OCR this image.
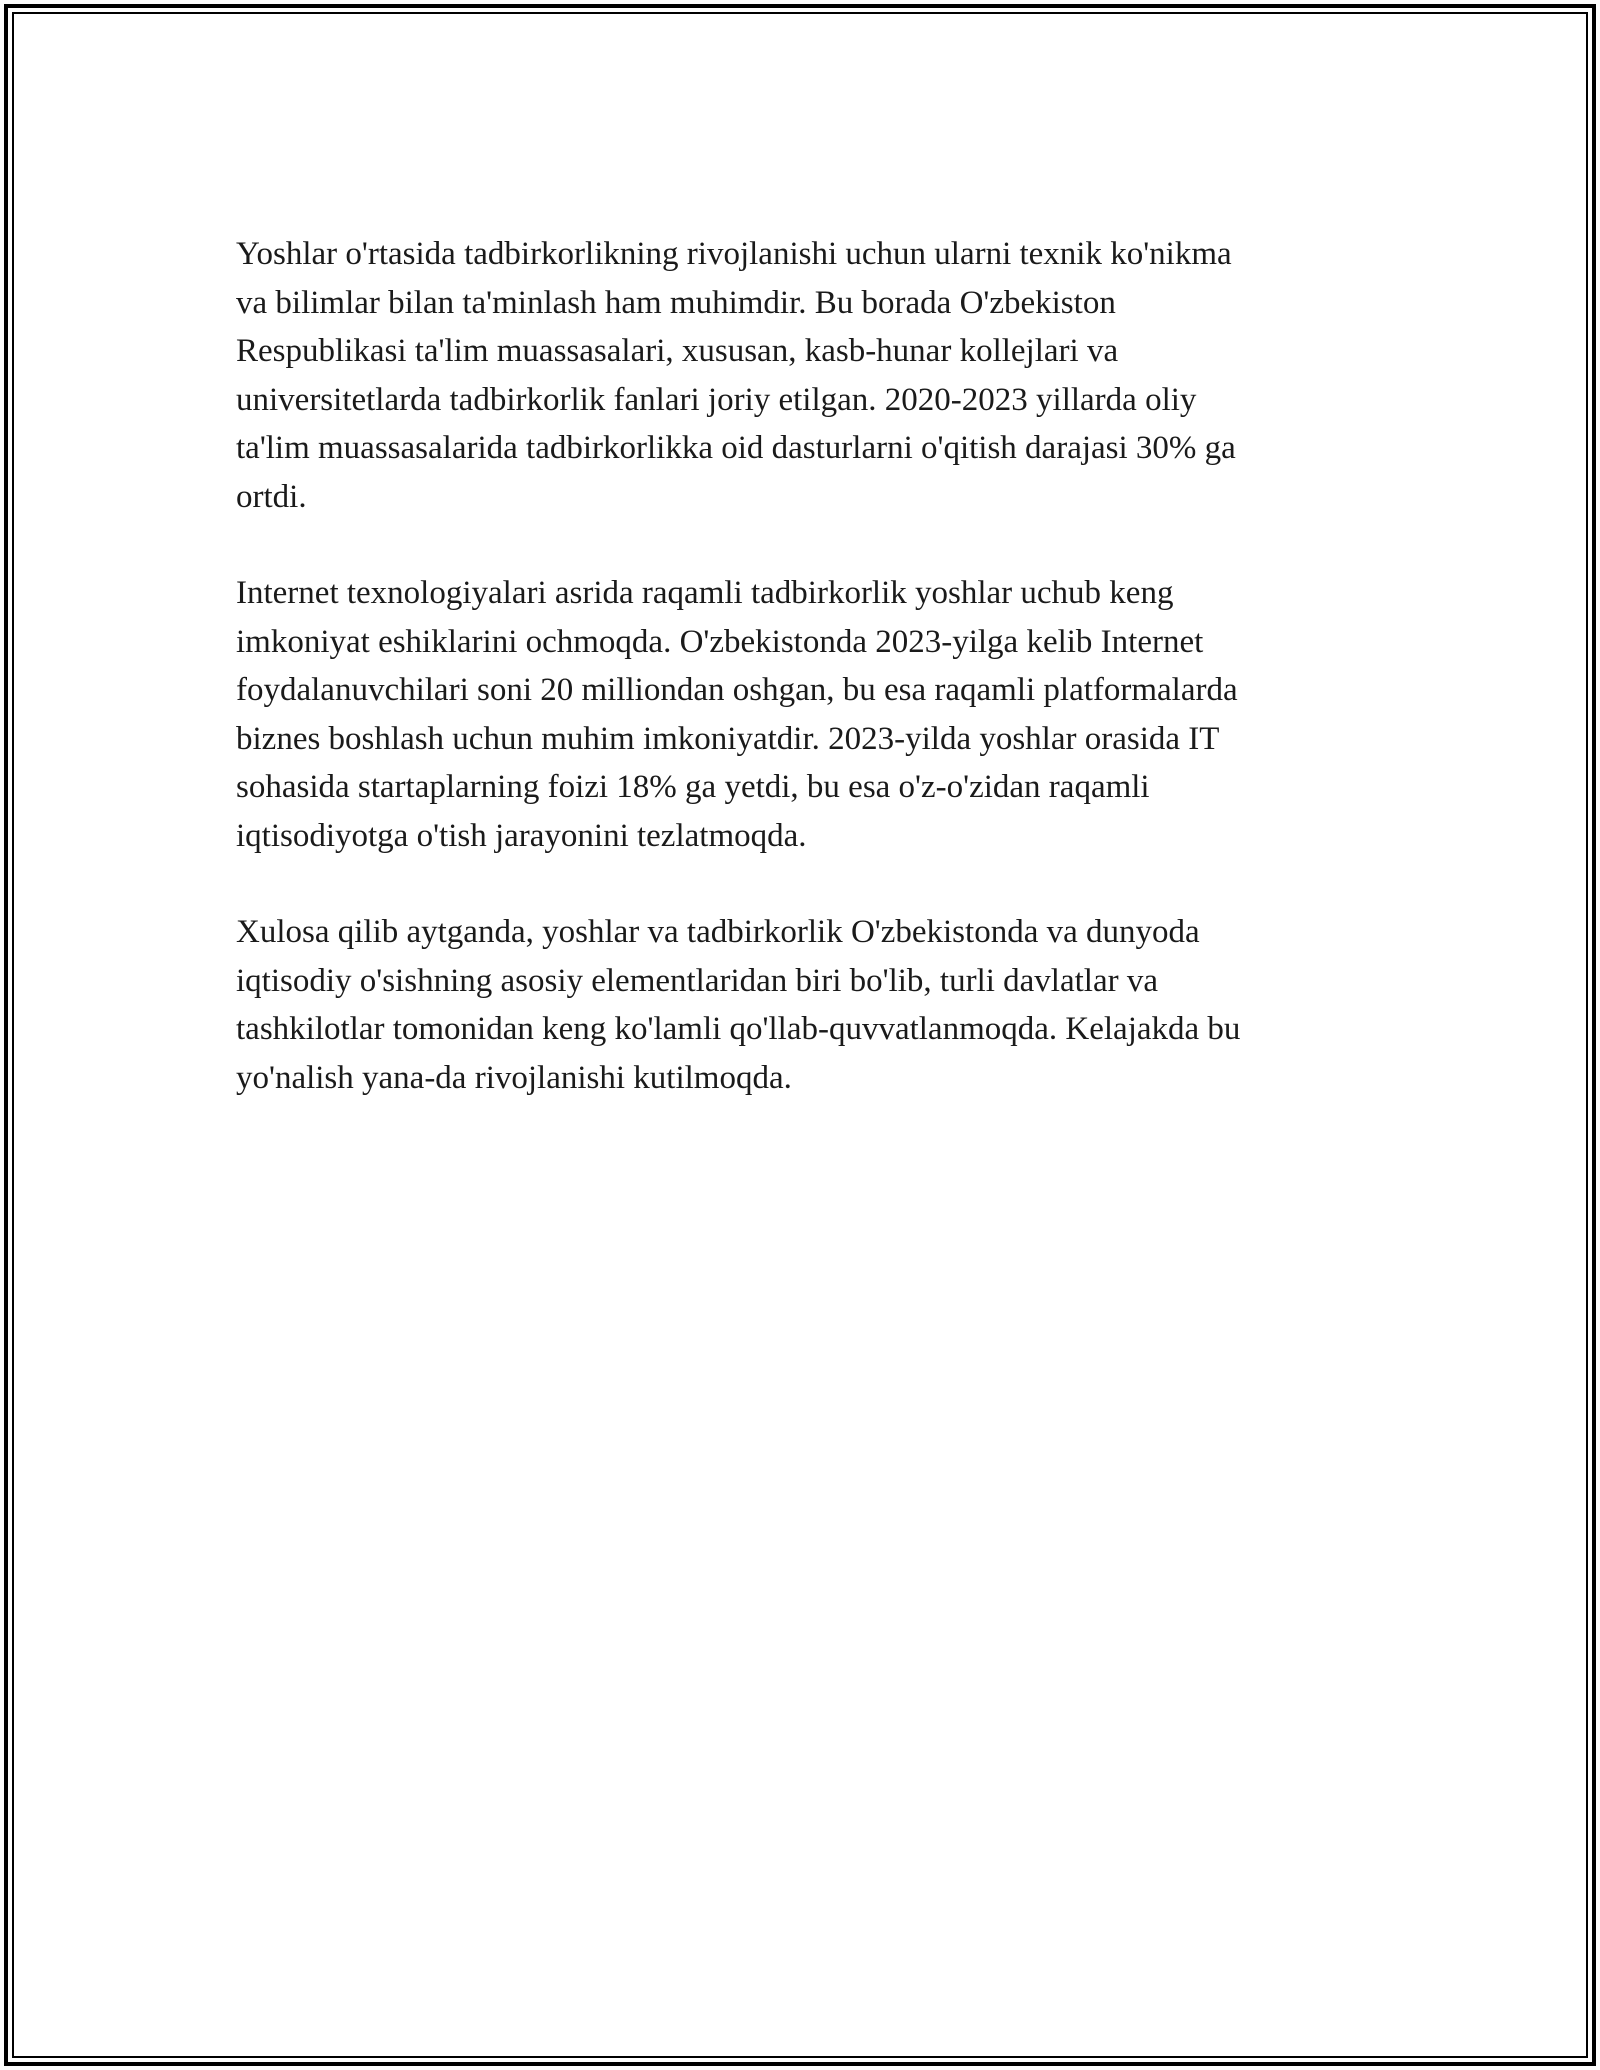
Yoshlar o'rtasida tadbirkorlikning rivojlanishi uchun ularni texnik ko'nikma
va bilimlar bilan ta'minlash ham muhimdir. Bu borada O'zbekiston
Respublikasi ta'lim muassasalari, xususan, kasb-hunar kollejlari va
universitetlarda tadbirkorlik fanlari joriy etilgan. 2020-2023 yillarda oliy
ta'lim muassasalarida tadbirkorlikka oid dasturlarni o'qitish darajasi 30% ga
ortdi.

Internet texnologiyalari asrida raqamli tadbirkorlik yoshlar uchub keng
imkoniyat eshiklarini ochmoqda. O'zbekistonda 2023-yilga kelib Internet
foydalanuvchilari soni 20 milliondan oshgan, bu esa raqamli platformalarda
biznes boshlash uchun muhim imkoniyatdir. 2023-yilda yoshlar orasida IT
sohasida startaplarning foizi 18% ga yetdi, bu esa o'z-o'zidan raqamli
iqtisodiyotga o'tish jarayonini tezlatmoqda.

Xulosa qilib aytganda, yoshlar va tadbirkorlik O'zbekistonda va dunyoda
iqtisodiy o'sishning asosiy elementlaridan biri bo'lib, turli davlatlar va
tashkilotlar tomonidan keng ko'lamli qo'llab-quvvatlanmoqda. Kelajakda bu
yo'nalish yana-da rivojlanishi kutilmoqda.
